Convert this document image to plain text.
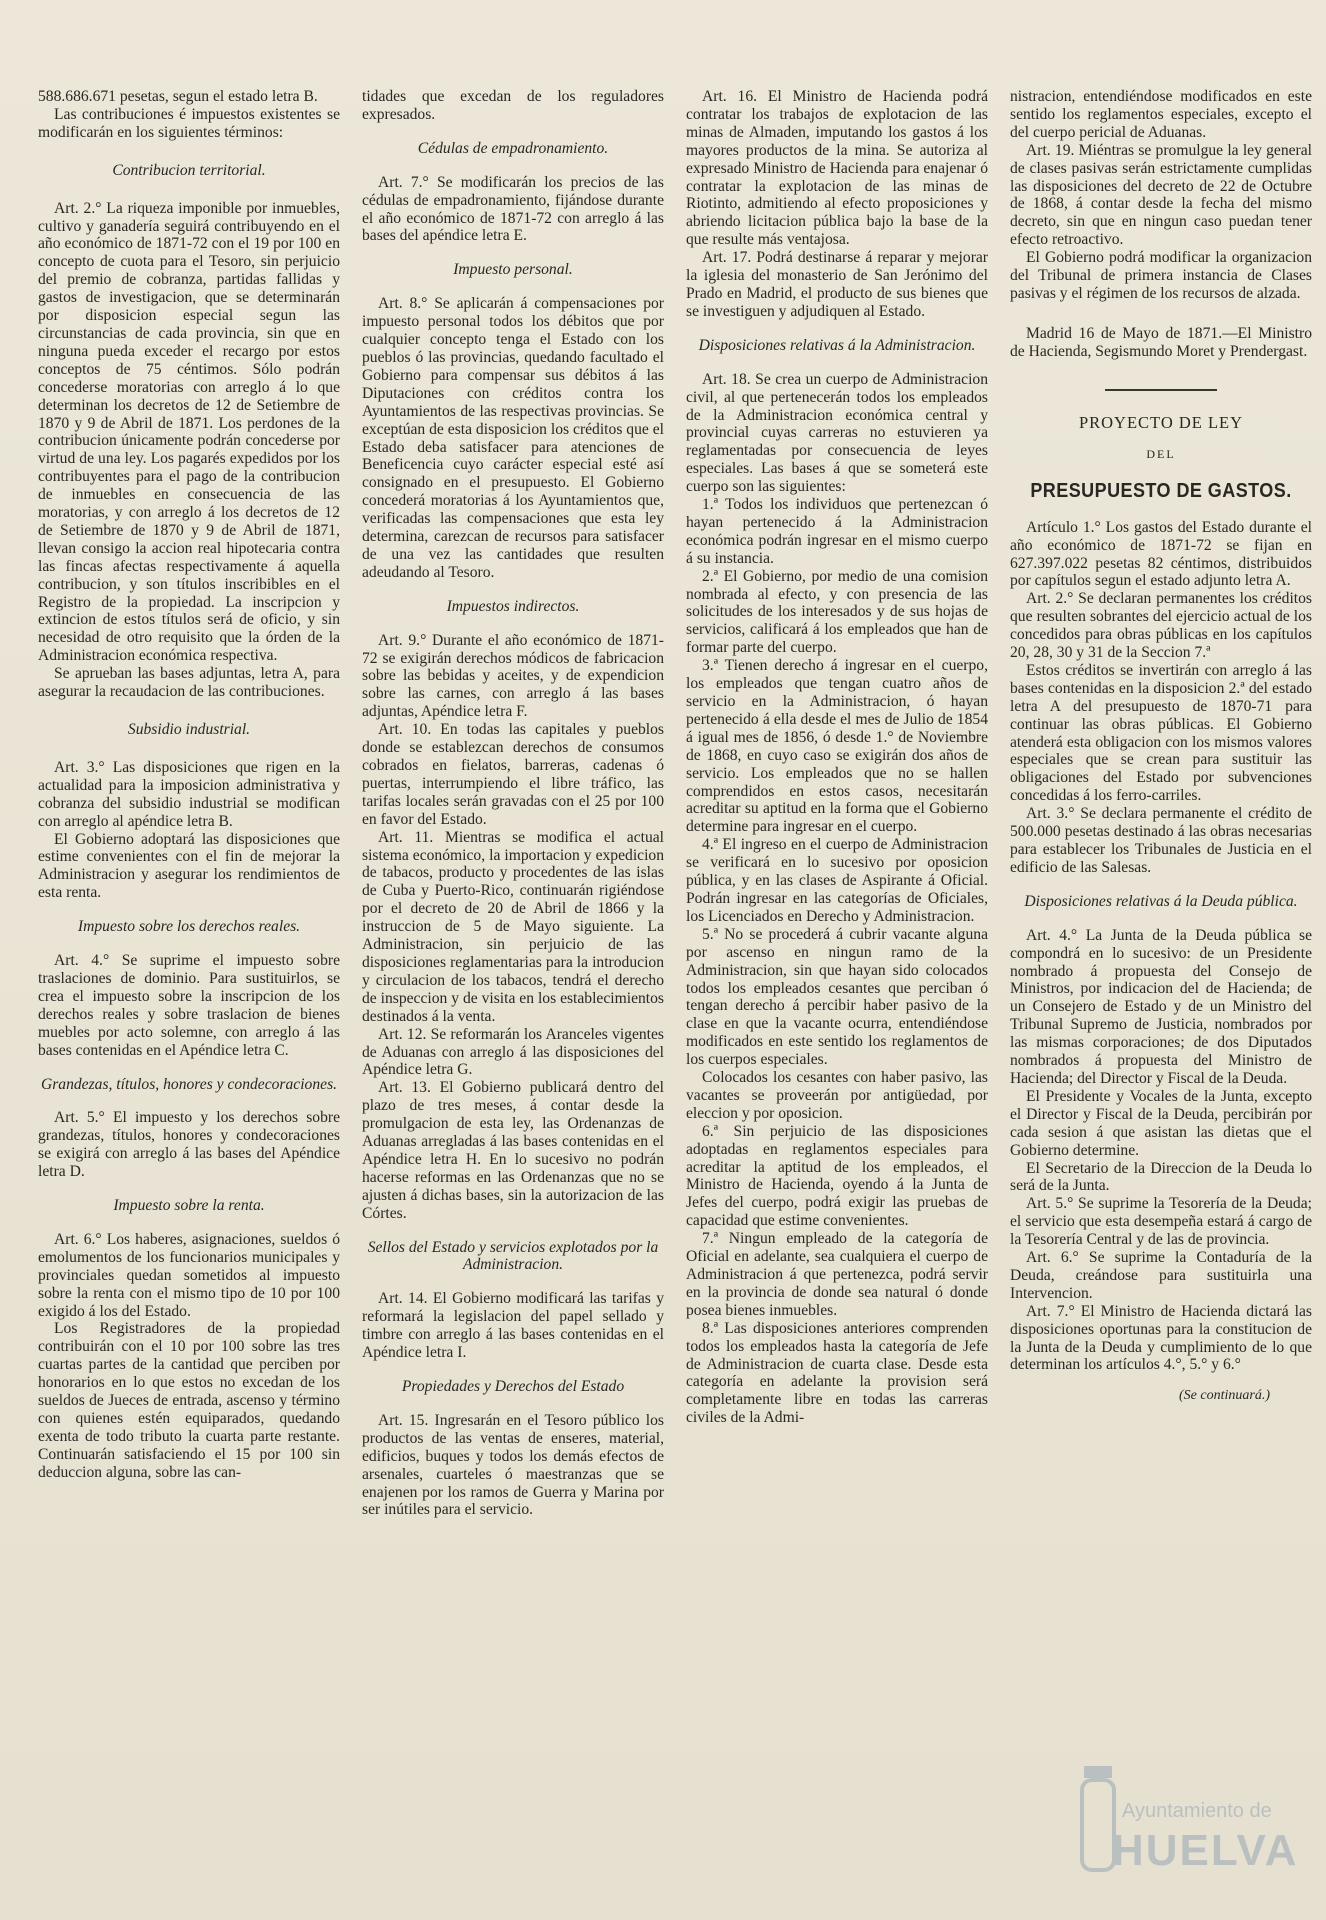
588.686.671 pesetas, segun el estado letra B.

Las contribuciones é impuestos existentes se modificarán en los siguientes términos:

Contribucion territorial.

Art. 2.° La riqueza imponible por inmuebles, cultivo y ganadería seguirá contribuyendo en el año económico de 1871-72 con el 19 por 100 en concepto de cuota para el Tesoro, sin perjuicio del premio de cobranza, partidas fallidas y gastos de investigacion, que se determinarán por disposicion especial segun las circunstancias de cada provincia, sin que en ninguna pueda exceder el recargo por estos conceptos de 75 céntimos. Sólo podrán concederse moratorias con arreglo á lo que determinan los decretos de 12 de Setiembre de 1870 y 9 de Abril de 1871. Los perdones de la contribucion únicamente podrán concederse por virtud de una ley. Los pagarés expedidos por los contribuyentes para el pago de la contribucion de inmuebles en consecuencia de las moratorias, y con arreglo á los decretos de 12 de Setiembre de 1870 y 9 de Abril de 1871, llevan consigo la accion real hipotecaria contra las fincas afectas respectivamente á aquella contribucion, y son títulos inscribibles en el Registro de la propiedad. La inscripcion y extincion de estos títulos será de oficio, y sin necesidad de otro requisito que la órden de la Administracion económica respectiva.

Se aprueban las bases adjuntas, letra A, para asegurar la recaudacion de las contribuciones.

Subsidio industrial.

Art. 3.° Las disposiciones que rigen en la actualidad para la imposicion administrativa y cobranza del subsidio industrial se modifican con arreglo al apéndice letra B.

El Gobierno adoptará las disposiciones que estime convenientes con el fin de mejorar la Administracion y asegurar los rendimientos de esta renta.

Impuesto sobre los derechos reales.

Art. 4.° Se suprime el impuesto sobre traslaciones de dominio. Para sustituirlos, se crea el impuesto sobre la inscripcion de los derechos reales y sobre traslacion de bienes muebles por acto solemne, con arreglo á las bases contenidas en el Apéndice letra C.

Grandezas, títulos, honores y condecoraciones.

Art. 5.° El impuesto y los derechos sobre grandezas, títulos, honores y condecoraciones se exigirá con arreglo á las bases del Apéndice letra D.

Impuesto sobre la renta.

Art. 6.° Los haberes, asignaciones, sueldos ó emolumentos de los funcionarios municipales y provinciales quedan sometidos al impuesto sobre la renta con el mismo tipo de 10 por 100 exigido á los del Estado.

Los Registradores de la propiedad contribuirán con el 10 por 100 sobre las tres cuartas partes de la cantidad que perciben por honorarios en lo que estos no excedan de los sueldos de Jueces de entrada, ascenso y término con quienes estén equiparados, quedando exenta de todo tributo la cuarta parte restante. Continuarán satisfaciendo el 15 por 100 sin deduccion alguna, sobre las can-

tidades que excedan de los reguladores expresados.

Cédulas de empadronamiento.

Art. 7.° Se modificarán los precios de las cédulas de empadronamiento, fijándose durante el año económico de 1871-72 con arreglo á las bases del apéndice letra E.

Impuesto personal.

Art. 8.° Se aplicarán á compensaciones por impuesto personal todos los débitos que por cualquier concepto tenga el Estado con los pueblos ó las provincias, quedando facultado el Gobierno para compensar sus débitos á las Diputaciones con créditos contra los Ayuntamientos de las respectivas provincias. Se exceptúan de esta disposicion los créditos que el Estado deba satisfacer para atenciones de Beneficencia cuyo carácter especial esté así consignado en el presupuesto. El Gobierno concederá moratorias á los Ayuntamientos que, verificadas las compensaciones que esta ley determina, carezcan de recursos para satisfacer de una vez las cantidades que resulten adeudando al Tesoro.

Impuestos indirectos.

Art. 9.° Durante el año económico de 1871-72 se exigirán derechos módicos de fabricacion sobre las bebidas y aceites, y de expendicion sobre las carnes, con arreglo á las bases adjuntas, Apéndice letra F.

Art. 10. En todas las capitales y pueblos donde se establezcan derechos de consumos cobrados en fielatos, barreras, cadenas ó puertas, interrumpiendo el libre tráfico, las tarifas locales serán gravadas con el 25 por 100 en favor del Estado.

Art. 11. Mientras se modifica el actual sistema económico, la importacion y expedicion de tabacos, producto y procedentes de las islas de Cuba y Puerto-Rico, continuarán rigiéndose por el decreto de 20 de Abril de 1866 y la instruccion de 5 de Mayo siguiente. La Administracion, sin perjuicio de las disposiciones reglamentarias para la introducion y circulacion de los tabacos, tendrá el derecho de inspeccion y de visita en los establecimientos destinados á la venta.

Art. 12. Se reformarán los Aranceles vigentes de Aduanas con arreglo á las disposiciones del Apéndice letra G.

Art. 13. El Gobierno publicará dentro del plazo de tres meses, á contar desde la promulgacion de esta ley, las Ordenanzas de Aduanas arregladas á las bases contenidas en el Apéndice letra H. En lo sucesivo no podrán hacerse reformas en las Ordenanzas que no se ajusten á dichas bases, sin la autorizacion de las Córtes.

Sellos del Estado y servicios explotados por la Administracion.

Art. 14. El Gobierno modificará las tarifas y reformará la legislacion del papel sellado y timbre con arreglo á las bases contenidas en el Apéndice letra I.

Propiedades y Derechos del Estado

Art. 15. Ingresarán en el Tesoro público los productos de las ventas de enseres, material, edificios, buques y todos los demás efectos de arsenales, cuarteles ó maestranzas que se enajenen por los ramos de Guerra y Marina por ser inútiles para el servicio.

Art. 16. El Ministro de Hacienda podrá contratar los trabajos de explotacion de las minas de Almaden, imputando los gastos á los mayores productos de la mina. Se autoriza al expresado Ministro de Hacienda para enajenar ó contratar la explotacion de las minas de Riotinto, admitiendo al efecto proposiciones y abriendo licitacion pública bajo la base de la que resulte más ventajosa.

Art. 17. Podrá destinarse á reparar y mejorar la iglesia del monasterio de San Jerónimo del Prado en Madrid, el producto de sus bienes que se investiguen y adjudiquen al Estado.

Disposiciones relativas á la Administracion.

Art. 18. Se crea un cuerpo de Administracion civil, al que pertenecerán todos los empleados de la Administracion económica central y provincial cuyas carreras no estuvieren ya reglamentadas por consecuencia de leyes especiales. Las bases á que se someterá este cuerpo son las siguientes:

1.ª Todos los individuos que pertenezcan ó hayan pertenecido á la Administracion económica podrán ingresar en el mismo cuerpo á su instancia.

2.ª El Gobierno, por medio de una comision nombrada al efecto, y con presencia de las solicitudes de los interesados y de sus hojas de servicios, calificará á los empleados que han de formar parte del cuerpo.

3.ª Tienen derecho á ingresar en el cuerpo, los empleados que tengan cuatro años de servicio en la Administracion, ó hayan pertenecido á ella desde el mes de Julio de 1854 á igual mes de 1856, ó desde 1.° de Noviembre de 1868, en cuyo caso se exigirán dos años de servicio. Los empleados que no se hallen comprendidos en estos casos, necesitarán acreditar su aptitud en la forma que el Gobierno determine para ingresar en el cuerpo.

4.ª El ingreso en el cuerpo de Administracion se verificará en lo sucesivo por oposicion pública, y en las clases de Aspirante á Oficial. Podrán ingresar en las categorías de Oficiales, los Licenciados en Derecho y Administracion.

5.ª No se procederá á cubrir vacante alguna por ascenso en ningun ramo de la Administracion, sin que hayan sido colocados todos los empleados cesantes que perciban ó tengan derecho á percibir haber pasivo de la clase en que la vacante ocurra, entendiéndose modificados en este sentido los reglamentos de los cuerpos especiales.

Colocados los cesantes con haber pasivo, las vacantes se proveerán por antigüedad, por eleccion y por oposicion.

6.ª Sin perjuicio de las disposiciones adoptadas en reglamentos especiales para acreditar la aptitud de los empleados, el Ministro de Hacienda, oyendo á la Junta de Jefes del cuerpo, podrá exigir las pruebas de capacidad que estime convenientes.

7.ª Ningun empleado de la categoría de Oficial en adelante, sea cualquiera el cuerpo de Administracion á que pertenezca, podrá servir en la provincia de donde sea natural ó donde posea bienes inmuebles.

8.ª Las disposiciones anteriores comprenden todos los empleados hasta la categoría de Jefe de Administracion de cuarta clase. Desde esta categoría en adelante la provision será completamente libre en todas las carreras civiles de la Admi-

nistracion, entendiéndose modificados en este sentido los reglamentos especiales, excepto el del cuerpo pericial de Aduanas.

Art. 19. Miéntras se promulgue la ley general de clases pasivas serán estrictamente cumplidas las disposiciones del decreto de 22 de Octubre de 1868, á contar desde la fecha del mismo decreto, sin que en ningun caso puedan tener efecto retroactivo.

El Gobierno podrá modificar la organizacion del Tribunal de primera instancia de Clases pasivas y el régimen de los recursos de alzada.

Madrid 16 de Mayo de 1871.—El Ministro de Hacienda, Segismundo Moret y Prendergast.

PROYECTO DE LEY
DEL
PRESUPUESTO DE GASTOS.

Artículo 1.° Los gastos del Estado durante el año económico de 1871-72 se fijan en 627.397.022 pesetas 82 céntimos, distribuidos por capítulos segun el estado adjunto letra A.

Art. 2.° Se declaran permanentes los créditos que resulten sobrantes del ejercicio actual de los concedidos para obras públicas en los capítulos 20, 28, 30 y 31 de la Seccion 7.ª

Estos créditos se invertirán con arreglo á las bases contenidas en la disposicion 2.ª del estado letra A del presupuesto de 1870-71 para continuar las obras públicas. El Gobierno atenderá esta obligacion con los mismos valores especiales que se crean para sustituir las obligaciones del Estado por subvenciones concedidas á los ferro-carriles.

Art. 3.° Se declara permanente el crédito de 500.000 pesetas destinado á las obras necesarias para establecer los Tribunales de Justicia en el edificio de las Salesas.

Disposiciones relativas á la Deuda pública.

Art. 4.° La Junta de la Deuda pública se compondrá en lo sucesivo: de un Presidente nombrado á propuesta del Consejo de Ministros, por indicacion del de Hacienda; de un Consejero de Estado y de un Ministro del Tribunal Supremo de Justicia, nombrados por las mismas corporaciones; de dos Diputados nombrados á propuesta del Ministro de Hacienda; del Director y Fiscal de la Deuda.

El Presidente y Vocales de la Junta, excepto el Director y Fiscal de la Deuda, percibirán por cada sesion á que asistan las dietas que el Gobierno determine.

El Secretario de la Direccion de la Deuda lo será de la Junta.

Art. 5.° Se suprime la Tesorería de la Deuda; el servicio que esta desempeña estará á cargo de la Tesorería Central y de las de provincia.

Art. 6.° Se suprime la Contaduría de la Deuda, creándose para sustituirla una Intervencion.

Art. 7.° El Ministro de Hacienda dictará las disposiciones oportunas para la constitucion de la Junta de la Deuda y cumplimiento de lo que determinan los artículos 4.°, 5.° y 6.°

(Se continuará.)
Ayuntamiento de
HUELVA
